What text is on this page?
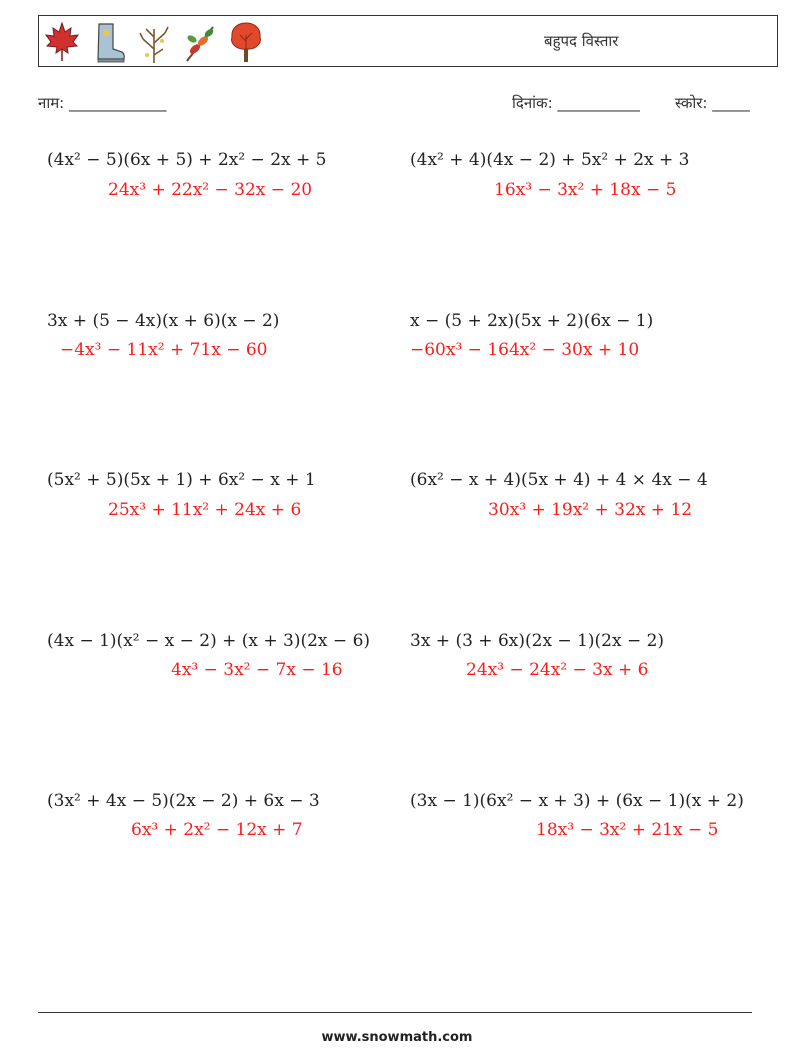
बहुपद विस्तार
नाम: _____________	दिनांक: ___________ स्कोर: _____
(4x² − 5)(6x + 5) + 2x² − 2x + 5
24x³ + 22x² − 32x − 20
(4x² + 4)(4x − 2) + 5x² + 2x + 3
16x³ − 3x² + 18x − 5
3x + (5 − 4x)(x + 6)(x − 2)
−4x³ − 11x² + 71x − 60
x − (5 + 2x)(5x + 2)(6x − 1)
−60x³ − 164x² − 30x + 10
(5x² + 5)(5x + 1) + 6x² − x + 1
25x³ + 11x² + 24x + 6
(6x² − x + 4)(5x + 4) + 4 × 4x − 4
30x³ + 19x² + 32x + 12
(4x − 1)(x² − x − 2) + (x + 3)(2x − 6)
4x³ − 3x² − 7x − 16
3x + (3 + 6x)(2x − 1)(2x − 2)
24x³ − 24x² − 3x + 6
(3x² + 4x − 5)(2x − 2) + 6x − 3
6x³ + 2x² − 12x + 7
(3x − 1)(6x² − x + 3) + (6x − 1)(x + 2)
18x³ − 3x² + 21x − 5
www.snowmath.com
